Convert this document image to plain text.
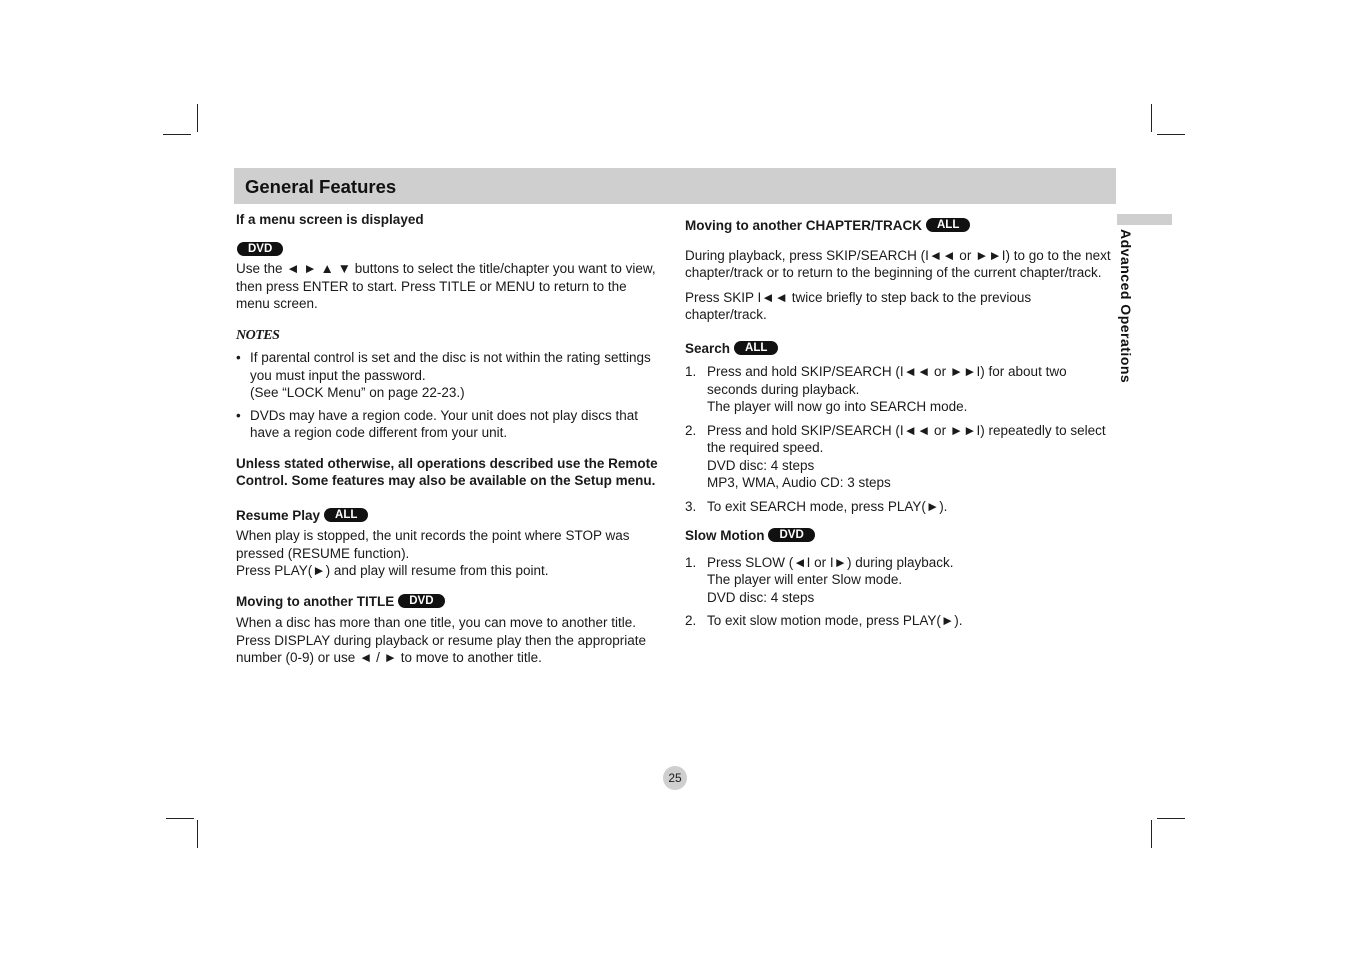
General Features
Advanced Operations
If a menu screen is displayed
DVD

Use the ◄ ► ▲ ▼ buttons to select the title/chapter you want to view, then press ENTER to start. Press TITLE or MENU to return to the menu screen.

NOTES
• If parental control is set and the disc is not within the rating settings you must input the password.
(See “LOCK Menu” on page 22-23.)
• DVDs may have a region code. Your unit does not play discs that have a region code different from your unit.

Unless stated otherwise, all operations described use the Remote Control. Some features may also be available on the Setup menu.

Resume Play ALL

When play is stopped, the unit records the point where STOP was pressed (RESUME function).

Press PLAY(►) and play will resume from this point.

Moving to another TITLE DVD

When a disc has more than one title, you can move to another title. Press DISPLAY during playback or resume play then the appropriate number (0-9) or use ◄ / ► to move to another title.

Moving to another CHAPTER/TRACK ALL

During playback, press SKIP/SEARCH (I◄◄ or ►►I) to go to the next chapter/track or to return to the beginning of the current chapter/track.

Press SKIP I◄◄ twice briefly to step back to the previous chapter/track.

Search ALL
1. Press and hold SKIP/SEARCH (I◄◄ or ►►I) for about two seconds during playback.
The player will now go into SEARCH mode.
2. Press and hold SKIP/SEARCH (I◄◄ or ►►I) repeatedly to select the required speed.
DVD disc: 4 steps
MP3, WMA, Audio CD: 3 steps
3. To exit SEARCH mode, press PLAY(►).
Slow Motion DVD
1. Press SLOW (◄I or I►) during playback.
The player will enter Slow mode.
DVD disc: 4 steps
2. To exit slow motion mode, press PLAY(►).
25
